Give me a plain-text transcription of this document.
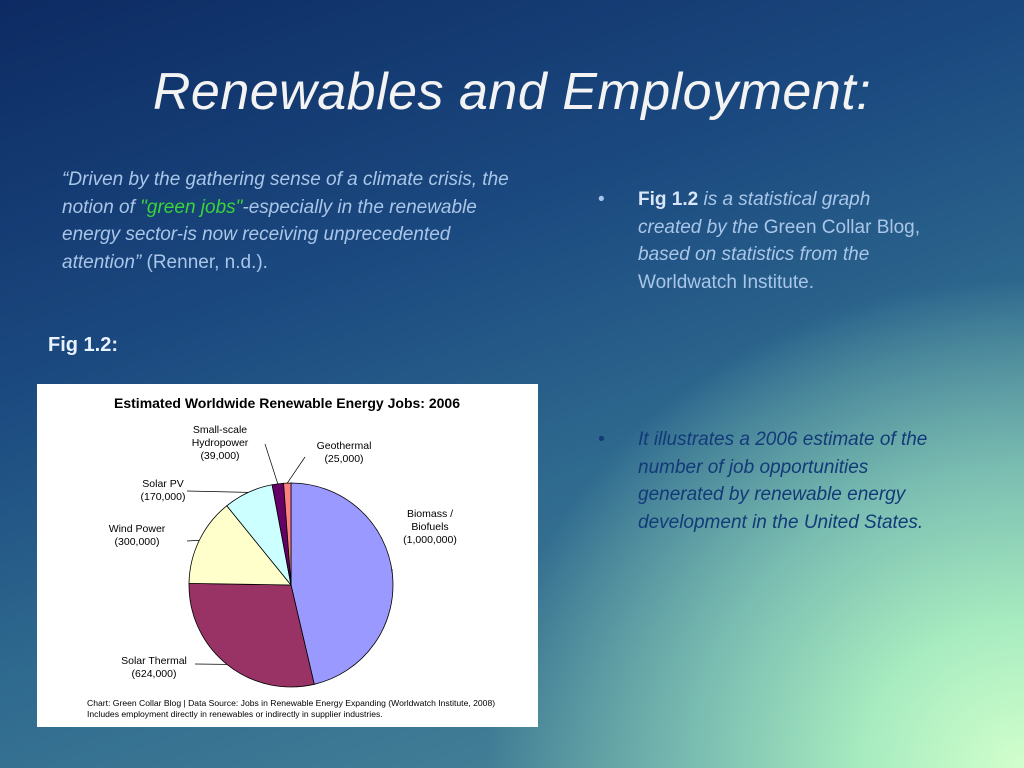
Renewables and Employment:
“Driven by the gathering sense of a climate crisis, the notion of "green jobs"-especially in the renewable energy sector-is now receiving unprecedented attention” (Renner, n.d.).
Fig 1.2:
• Fig 1.2 is a statistical graph created by the Green Collar Blog, based on statistics from the Worldwatch Institute.
• It illustrates a 2006 estimate of the number of job opportunities generated by renewable energy development in the United States.
Estimated Worldwide Renewable Energy Jobs: 2006
Biomass / Biofuels (1,000,000)
Solar Thermal (624,000)
Wind Power (300,000)
Solar PV (170,000)
Small-scale Hydropower (39,000)
Geothermal (25,000)
Chart: Green Collar Blog | Data Source: Jobs in Renewable Energy Expanding (Worldwatch Institute, 2008)
Includes employment directly in renewables or indirectly in supplier industries.
